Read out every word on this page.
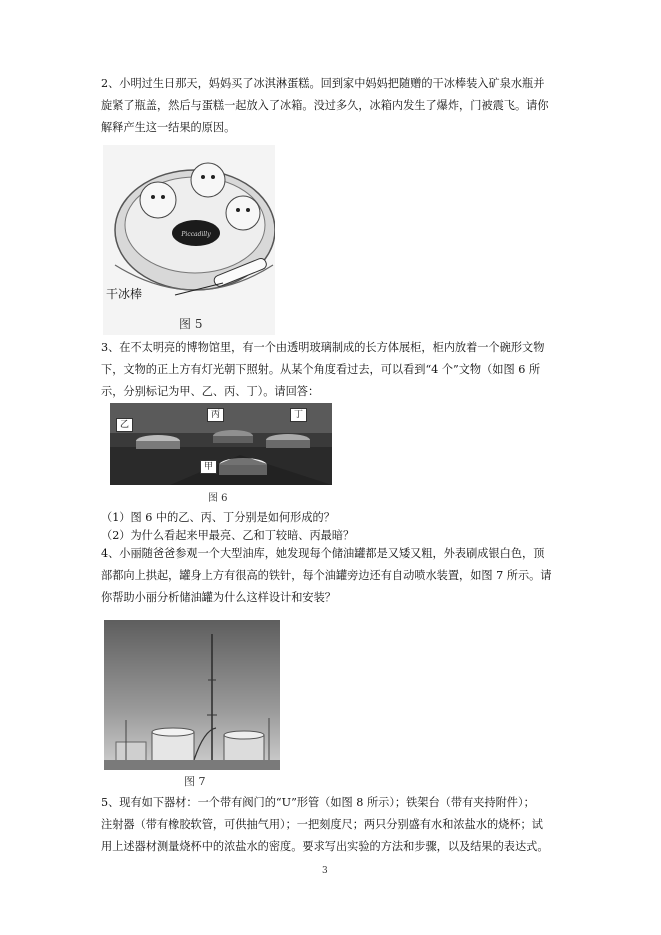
2、小明过生日那天，妈妈买了冰淇淋蛋糕。回到家中妈妈把随赠的干冰棒装入矿泉水瓶并
旋紧了瓶盖，然后与蛋糕一起放入了冰箱。没过多久，冰箱内发生了爆炸，门被震飞。请你
解释产生这一结果的原因。
Piccadilly
干冰棒
图 5
3、在不太明亮的博物馆里，有一个由透明玻璃制成的长方体展柜，柜内放着一个碗形文物
下，文物的正上方有灯光朝下照射。从某个角度看过去，可以看到“4 个”文物（如图 6 所
示，分别标记为甲、乙、丙、丁）。请回答：
乙
丙	丁
甲
图 6
（1）图 6 中的乙、丙、丁分别是如何形成的？
（2）为什么看起来甲最亮、乙和丁较暗、丙最暗？
4、小丽随爸爸参观一个大型油库，她发现每个储油罐都是又矮又粗，外表刷成银白色，顶
部都向上拱起，罐身上方有很高的铁针，每个油罐旁边还有自动喷水装置，如图 7 所示。请
你帮助小丽分析储油罐为什么这样设计和安装？
图 7
5、现有如下器材：一个带有阀门的“U”形管（如图 8 所示）；铁架台（带有夹持附件）；
注射器（带有橡胶软管，可供抽气用）；一把刻度尺；两只分别盛有水和浓盐水的烧杯；试
用上述器材测量烧杯中的浓盐水的密度。要求写出实验的方法和步骤，以及结果的表达式。
3
